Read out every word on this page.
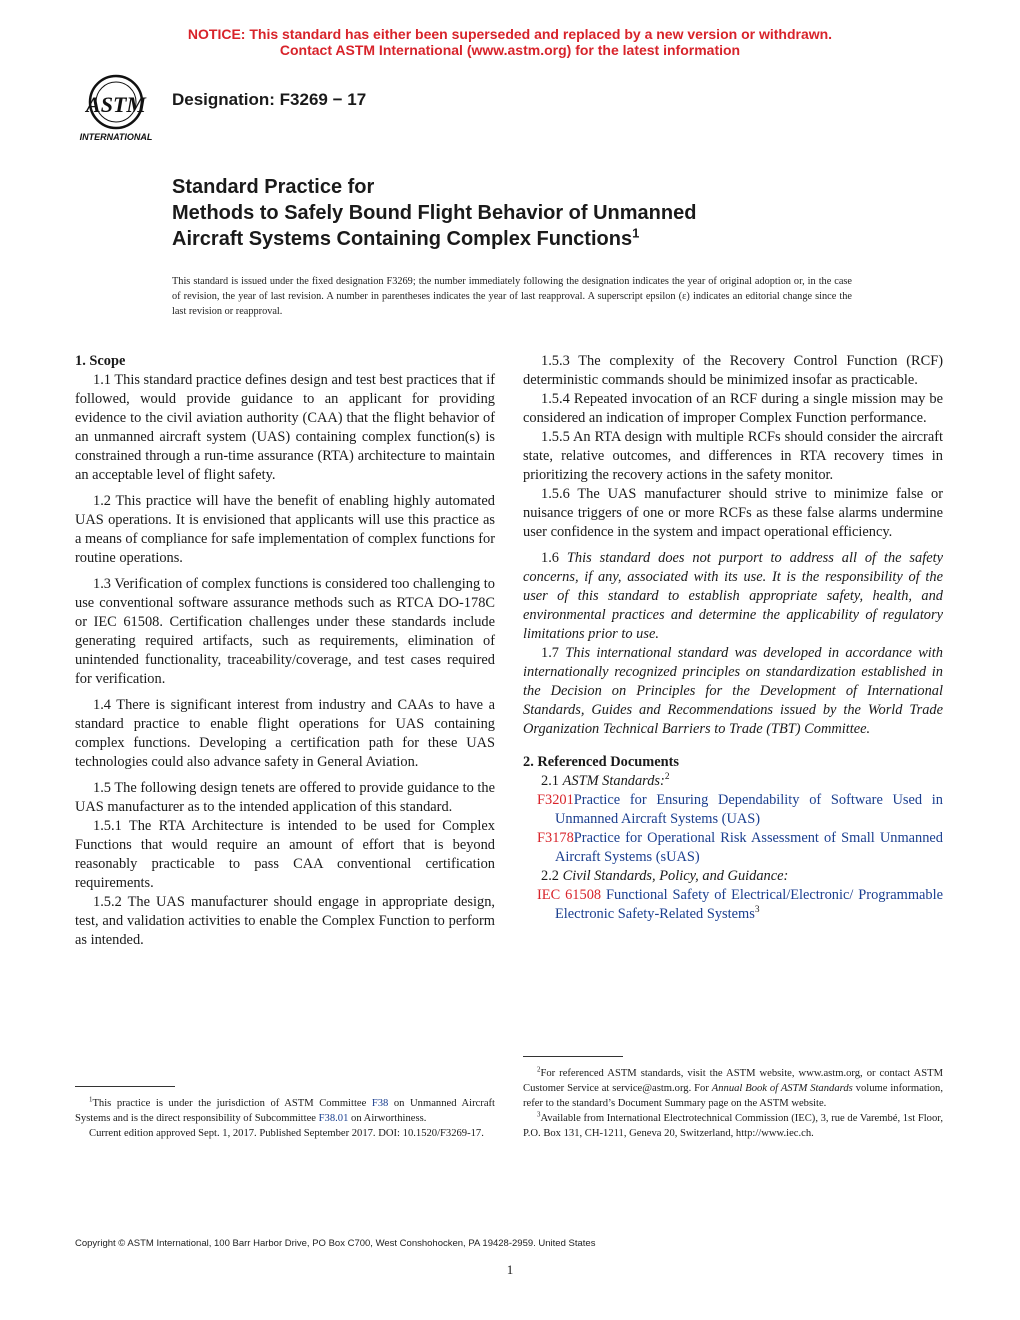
NOTICE: This standard has either been superseded and replaced by a new version or withdrawn.
Contact ASTM International (www.astm.org) for the latest information
ASTM
INTERNATIONAL
Designation: F3269 − 17
Standard Practice for
Methods to Safely Bound Flight Behavior of Unmanned
Aircraft Systems Containing Complex Functions$^1$
This standard is issued under the fixed designation F3269; the number immediately following the designation indicates the year of original adoption or, in the case of revision, the year of last revision. A number in parentheses indicates the year of last reapproval. A superscript epsilon (ε) indicates an editorial change since the last revision or reapproval.

1. Scope

1.1 This standard practice defines design and test best practices that if followed, would provide guidance to an applicant for providing evidence to the civil aviation authority (CAA) that the flight behavior of an unmanned aircraft system (UAS) containing complex function(s) is constrained through a run-time assurance (RTA) architecture to maintain an acceptable level of flight safety.

1.2 This practice will have the benefit of enabling highly automated UAS operations. It is envisioned that applicants will use this practice as a means of compliance for safe implementation of complex functions for routine operations.

1.3 Verification of complex functions is considered too challenging to use conventional software assurance methods such as RTCA DO-178C or IEC 61508. Certification challenges under these standards include generating required artifacts, such as requirements, elimination of unintended functionality, traceability/coverage, and test cases required for verification.

1.4 There is significant interest from industry and CAAs to have a standard practice to enable flight operations for UAS containing complex functions. Developing a certification path for these UAS technologies could also advance safety in General Aviation.

1.5 The following design tenets are offered to provide guidance to the UAS manufacturer as to the intended application of this standard.

1.5.1 The RTA Architecture is intended to be used for Complex Functions that would require an amount of effort that is beyond reasonably practicable to pass CAA conventional certification requirements.

1.5.2 The UAS manufacturer should engage in appropriate design, test, and validation activities to enable the Complex Function to perform as intended.

1.5.3 The complexity of the Recovery Control Function (RCF) deterministic commands should be minimized insofar as practicable.

1.5.4 Repeated invocation of an RCF during a single mission may be considered an indication of improper Complex Function performance.

1.5.5 An RTA design with multiple RCFs should consider the aircraft state, relative outcomes, and differences in RTA recovery times in prioritizing the recovery actions in the safety monitor.

1.5.6 The UAS manufacturer should strive to minimize false or nuisance triggers of one or more RCFs as these false alarms undermine user confidence in the system and impact operational efficiency.

1.6 This standard does not purport to address all of the safety concerns, if any, associated with its use. It is the responsibility of the user of this standard to establish appropriate safety, health, and environmental practices and determine the applicability of regulatory limitations prior to use.

1.7 This international standard was developed in accordance with internationally recognized principles on standardization established in the Decision on Principles for the Development of International Standards, Guides and Recommendations issued by the World Trade Organization Technical Barriers to Trade (TBT) Committee.

2. Referenced Documents

2.1 ASTM Standards:$^2$

F3201Practice for Ensuring Dependability of Software Used in Unmanned Aircraft Systems (UAS)

F3178Practice for Operational Risk Assessment of Small Unmanned Aircraft Systems (sUAS)

2.2 Civil Standards, Policy, and Guidance:

IEC 61508 Functional Safety of Electrical/Electronic/ Programmable Electronic Safety-Related Systems$^3$

$^1$This practice is under the jurisdiction of ASTM Committee F38 on Unmanned Aircraft Systems and is the direct responsibility of Subcommittee F38.01 on Airworthiness.

Current edition approved Sept. 1, 2017. Published September 2017. DOI: 10.1520/F3269-17.

$^2$For referenced ASTM standards, visit the ASTM website, www.astm.org, or contact ASTM Customer Service at service@astm.org. For Annual Book of ASTM Standards volume information, refer to the standard’s Document Summary page on the ASTM website.

$^3$Available from International Electrotechnical Commission (IEC), 3, rue de Varembé, 1st Floor, P.O. Box 131, CH-1211, Geneva 20, Switzerland, http://www.iec.ch.

Copyright © ASTM International, 100 Barr Harbor Drive, PO Box C700, West Conshohocken, PA 19428-2959. United States
1
